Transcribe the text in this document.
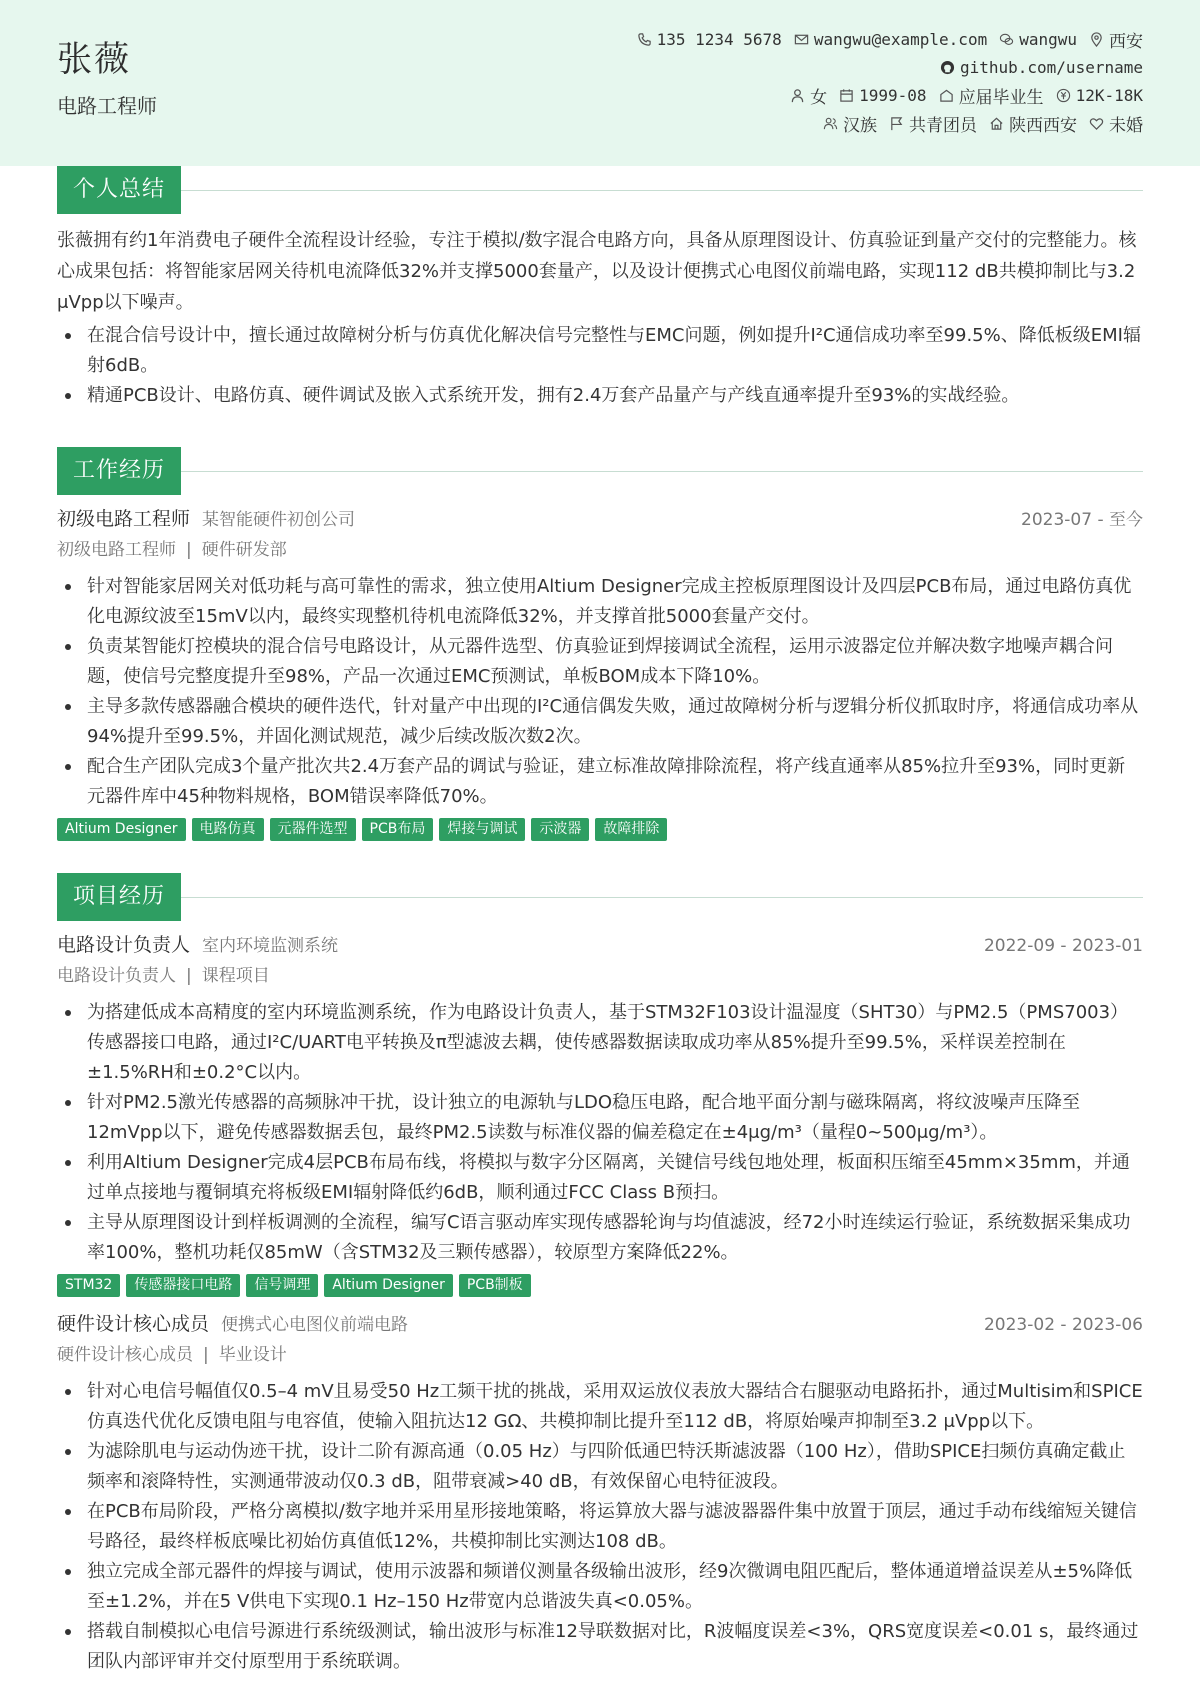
张薇
电路工程师
135 1234 5678 wangwu@example.com wangwu 西安
github.com/username
女 1999-08 应届毕业生 12K-18K
汉族 共青团员 陕西西安 未婚
个人总结
张薇拥有约1年消费电子硬件全流程设计经验，专注于模拟/数字混合电路方向，具备从原理图设计、仿真验证到量产交付的完整能力。核心成果包括：将智能家居网关待机电流降低32%并支撑5000套量产，以及设计便携式心电图仪前端电路，实现112 dB共模抑制比与3.2 μVpp以下噪声。
在混合信号设计中，擅长通过故障树分析与仿真优化解决信号完整性与EMC问题，例如提升I²C通信成功率至99.5%、降低板级EMI辐射6dB。
精通PCB设计、电路仿真、硬件调试及嵌入式系统开发，拥有2.4万套产品量产与产线直通率提升至93%的实战经验。
工作经历
初级电路工程师 某智能硬件初创公司	2023-07 - 至今
初级电路工程师 | 硬件研发部
针对智能家居网关对低功耗与高可靠性的需求，独立使用Altium Designer完成主控板原理图设计及四层PCB布局，通过电路仿真优化电源纹波至15mV以内，最终实现整机待机电流降低32%，并支撑首批5000套量产交付。
负责某智能灯控模块的混合信号电路设计，从元器件选型、仿真验证到焊接调试全流程，运用示波器定位并解决数字地噪声耦合问题，使信号完整度提升至98%，产品一次通过EMC预测试，单板BOM成本下降10%。
主导多款传感器融合模块的硬件迭代，针对量产中出现的I²C通信偶发失败，通过故障树分析与逻辑分析仪抓取时序，将通信成功率从94%提升至99.5%，并固化测试规范，减少后续改版次数2次。
配合生产团队完成3个量产批次共2.4万套产品的调试与验证，建立标准故障排除流程，将产线直通率从85%拉升至93%，同时更新元器件库中45种物料规格，BOM错误率降低70%。
Altium Designer	电路仿真	元器件选型	PCB布局	焊接与调试	示波器	故障排除
项目经历
电路设计负责人 室内环境监测系统	2022-09 - 2023-01
电路设计负责人 | 课程项目
为搭建低成本高精度的室内环境监测系统，作为电路设计负责人，基于STM32F103设计温湿度（SHT30）与PM2.5（PMS7003）传感器接口电路，通过I²C/UART电平转换及π型滤波去耦，使传感器数据读取成功率从85%提升至99.5%，采样误差控制在±1.5%RH和±0.2°C以内。
针对PM2.5激光传感器的高频脉冲干扰，设计独立的电源轨与LDO稳压电路，配合地平面分割与磁珠隔离，将纹波噪声压降至12mVpp以下，避免传感器数据丢包，最终PM2.5读数与标准仪器的偏差稳定在±4μg/m³（量程0~500μg/m³）。
利用Altium Designer完成4层PCB布局布线，将模拟与数字分区隔离，关键信号线包地处理，板面积压缩至45mm×35mm，并通过单点接地与覆铜填充将板级EMI辐射降低约6dB，顺利通过FCC Class B预扫。
主导从原理图设计到样板调测的全流程，编写C语言驱动库实现传感器轮询与均值滤波，经72小时连续运行验证，系统数据采集成功率100%，整机功耗仅85mW（含STM32及三颗传感器），较原型方案降低22%。
STM32	传感器接口电路	信号调理	Altium Designer	PCB制板
硬件设计核心成员 便携式心电图仪前端电路	2023-02 - 2023-06
硬件设计核心成员 | 毕业设计
针对心电信号幅值仅0.5–4 mV且易受50 Hz工频干扰的挑战，采用双运放仪表放大器结合右腿驱动电路拓扑，通过Multisim和SPICE仿真迭代优化反馈电阻与电容值，使输入阻抗达12 GΩ、共模抑制比提升至112 dB，将原始噪声抑制至3.2 μVpp以下。
为滤除肌电与运动伪迹干扰，设计二阶有源高通（0.05 Hz）与四阶低通巴特沃斯滤波器（100 Hz），借助SPICE扫频仿真确定截止频率和滚降特性，实测通带波动仅0.3 dB，阻带衰减>40 dB，有效保留心电特征波段。
在PCB布局阶段，严格分离模拟/数字地并采用星形接地策略，将运算放大器与滤波器器件集中放置于顶层，通过手动布线缩短关键信号路径，最终样板底噪比初始仿真值低12%，共模抑制比实测达108 dB。
独立完成全部元器件的焊接与调试，使用示波器和频谱仪测量各级输出波形，经9次微调电阻匹配后，整体通道增益误差从±5%降低至±1.2%，并在5 V供电下实现0.1 Hz–150 Hz带宽内总谐波失真<0.05%。
搭载自制模拟心电信号源进行系统级测试，输出波形与标准12导联数据对比，R波幅度误差<3%，QRS宽度误差<0.01 s，最终通过团队内部评审并交付原型用于系统联调。
